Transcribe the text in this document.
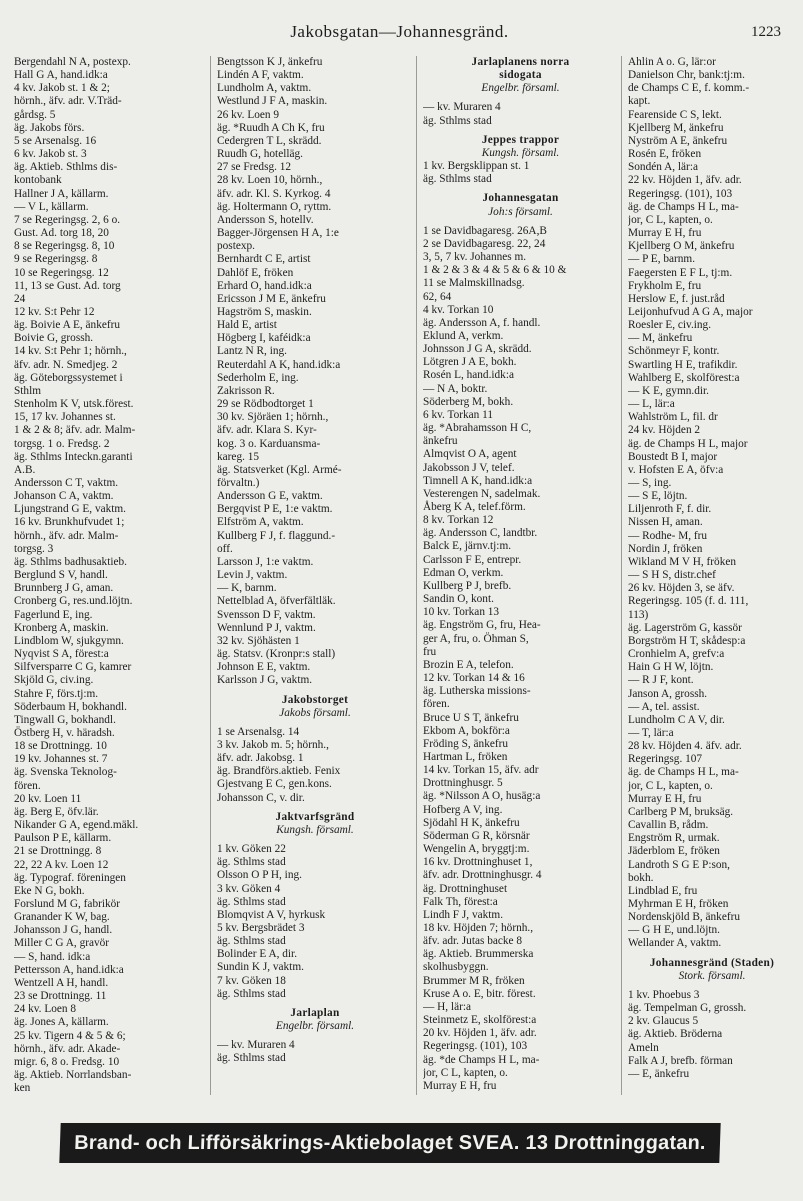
Jakobsgatan—Johannesgränd.	1223
Bergendahl N A, postexp.
Hall G A, hand.idk:a
4 kv. Jakob st. 1 & 2;
hörnh., äfv. adr. V.Träd-
gårdsg. 5
äg. Jakobs förs.
5 se Arsenalsg. 16
6 kv. Jakob st. 3
äg. Aktieb. Sthlms dis-
kontobank
Hallner J A, källarm.
— V L, källarm.
7 se Regeringsg. 2, 6 o.
Gust. Ad. torg 18, 20
8 se Regeringsg. 8, 10
9 se Regeringsg. 8
10 se Regeringsg. 12
11, 13 se Gust. Ad. torg
24
12 kv. S:t Pehr 12
äg. Boivie A E, änkefru
Boivie G, grossh.
14 kv. S:t Pehr 1; hörnh.,
äfv. adr. N. Smedjeg. 2
äg. Göteborgssystemet i
Sthlm
Stenholm K V, utsk.förest.
15, 17 kv. Johannes st.
1 & 2 & 8; äfv. adr. Malm-
torgsg. 1 o. Fredsg. 2
äg. Sthlms Inteckn.garanti
A.B.
Andersson C T, vaktm.
Johanson C A, vaktm.
Ljungstrand G E, vaktm.
16 kv. Brunkhufvudet 1;
hörnh., äfv. adr. Malm-
torgsg. 3
äg. Sthlms badhusaktieb.
Berglund S V, handl.
Brunnberg J G, aman.
Cronberg G, res.und.löjtn.
Fagerlund E, ing.
Kronberg A, maskin.
Lindblom W, sjukgymn.
Nyqvist S A, förest:a
Silfversparre C G, kamrer
Skjöld G, civ.ing.
Stahre F, förs.tj:m.
Söderbaum H, bokhandl.
Tingwall G, bokhandl.
Östberg H, v. häradsh.
18 se Drottningg. 10
19 kv. Johannes st. 7
äg. Svenska Teknolog-
fören.
20 kv. Loen 11
äg. Berg E, öfv.lär.
Nikander G A, egend.mäkl.
Paulson P E, källarm.
21 se Drottningg. 8
22, 22 A kv. Loen 12
äg. Typograf. föreningen
Eke N G, bokh.
Forslund M G, fabrikör
Granander K W, bag.
Johansson J G, handl.
Miller C G A, gravör
— S, hand. idk:a
Pettersson A, hand.idk:a
Wentzell A H, handl.
23 se Drottningg. 11
24 kv. Loen 8
äg. Jones A, källarm.
25 kv. Tigern 4 & 5 & 6;
hörnh., äfv. adr. Akade-
migr. 6, 8 o. Fredsg. 10
äg. Aktieb. Norrlandsban-
ken
Bengtsson K J, änkefru
Lindén A F, vaktm.
Lundholm A, vaktm.
Westlund J F A, maskin.
26 kv. Loen 9
äg. *Ruudh A Ch K, fru
Cedergren T L, skrädd.
Ruudh G, hotelläg.
27 se Fredsg. 12
28 kv. Loen 10, hörnh.,
äfv. adr. Kl. S. Kyrkog. 4
äg. Holtermann O, ryttm.
Andersson S, hotellv.
Bagger-Jörgensen H A, 1:e
postexp.
Bernhardt C E, artist
Dahlöf E, fröken
Erhard O, hand.idk:a
Ericsson J M E, änkefru
Hagström S, maskin.
Hald E, artist
Högberg I, kaféidk:a
Lantz N R, ing.
Reuterdahl A K, hand.idk:a
Sederholm E, ing.
Zakrisson R.
29 se Rödbodtorget 1
30 kv. Sjöräen 1; hörnh.,
äfv. adr. Klara S. Kyr-
kog. 3 o. Karduansma-
kareg. 15
äg. Statsverket (Kgl. Armé-
förvaltn.)
Andersson G E, vaktm.
Bergqvist P E, 1:e vaktm.
Elfström A, vaktm.
Kullberg F J, f. flaggund.-
off.
Larsson J, 1:e vaktm.
Levin J, vaktm.
— K, barnm.
Nettelblad A, öfverfältläk.
Svensson D F, vaktm.
Wennlund P J, vaktm.
32 kv. Sjöhästen 1
äg. Statsv. (Kronpr:s stall)
Johnson E E, vaktm.
Karlsson J G, vaktm.

Jakobstorget
Jakobs församl.

1 se Arsenalsg. 14
3 kv. Jakob m. 5; hörnh.,
äfv. adr. Jakobsg. 1
äg. Brandförs.aktieb. Fenix
Gjestvang E C, gen.kons.
Johansson C, v. dir.

Jaktvarfsgränd
Kungsh. församl.

1 kv. Göken 22
äg. Sthlms stad
Olsson O P H, ing.
3 kv. Göken 4
äg. Sthlms stad
Blomqvist A V, hyrkusk
5 kv. Bergsbrädet 3
äg. Sthlms stad
Bolinder E A, dir.
Sundin K J, vaktm.
7 kv. Göken 18
äg. Sthlms stad

Jarlaplan
Engelbr. församl.

— kv. Muraren 4
äg. Sthlms stad
Jarlaplanens norra
sidogata
Engelbr. församl.

— kv. Muraren 4
äg. Sthlms stad

Jeppes trappor
Kungsh. församl.
1 kv. Bergsklippan st. 1
äg. Sthlms stad

Johannesgatan
Joh:s församl.

1 se Davidbagaresg. 26A,B
2 se Davidbagaresg. 22, 24
3, 5, 7 kv. Johannes m.
1 & 2 & 3 & 4 & 5 & 6 & 10 &
11 se Malmskillnadsg.
62, 64
4 kv. Torkan 10
äg. Andersson A, f. handl.
Eklund A, verkm.
Johnsson J G A, skrädd.
Lötgren J A E, bokh.
Rosén L, hand.idk:a
— N A, boktr.
Söderberg M, bokh.
6 kv. Torkan 11
äg. *Abrahamsson H C,
änkefru
Almqvist O A, agent
Jakobsson J V, telef.
Timnell A K, hand.idk:a
Vesterengen N, sadelmak.
Åberg K A, telef.förm.
8 kv. Torkan 12
äg. Andersson C, landtbr.
Balck E, järnv.tj:m.
Carlsson F E, entrepr.
Edman O, verkm.
Kullberg P J, brefb.
Sandin O, kont.
10 kv. Torkan 13
äg. Engström G, fru, Hea-
ger A, fru, o. Öhman S,
fru
Brozin E A, telefon.
12 kv. Torkan 14 & 16
äg. Lutherska missions-
fören.
Bruce U S T, änkefru
Ekbom A, bokför:a
Fröding S, änkefru
Hartman L, fröken
14 kv. Torkan 15, äfv. adr
Drottninghusgr. 5
äg. *Nilsson A O, husäg:a
Hofberg A V, ing.
Sjödahl H K, änkefru
Söderman G R, körsnär
Wengelin A, bryggtj:m.
16 kv. Drottninghuset 1,
äfv. adr. Drottninghusgr. 4
äg. Drottninghuset
Falk Th, förest:a
Lindh F J, vaktm.
18 kv. Höjden 7; hörnh.,
äfv. adr. Jutas backe 8
äg. Aktieb. Brummerska
skolhusbyggn.
Brummer M R, fröken
Kruse A o. E, bitr. förest.
— H, lär:a
Steinmetz E, skolförest:a
20 kv. Höjden 1, äfv. adr.
Regeringsg. (101), 103
äg. *de Champs H L, ma-
jor, C L, kapten, o.
Murray E H, fru
Ahlin A o. G, lär:or
Danielson Chr, bank:tj:m.
de Champs C E, f. komm.-
kapt.
Fearenside C S, lekt.
Kjellberg M, änkefru
Nyström A E, änkefru
Rosén E, fröken
Sondén A, lär:a
22 kv. Höjden 1, äfv. adr.
Regeringsg. (101), 103
äg. de Champs H L, ma-
jor, C L, kapten, o.
Murray E H, fru
Kjellberg O M, änkefru
— P E, barnm.
Faegersten E F L, tj:m.
Frykholm E, fru
Herslow E, f. just.råd
Leijonhufvud A G A, major
Roesler E, civ.ing.
— M, änkefru
Schönmeyr F, kontr.
Swartling H E, trafikdir.
Wahlberg E, skolförest:a
— K E, gymn.dir.
— L, lär:a
Wahlström L, fil. dr
24 kv. Höjden 2
äg. de Champs H L, major
Boustedt B I, major
v. Hofsten E A, öfv:a
— S, ing.
— S E, löjtn.
Liljenroth F, f. dir.
Nissen H, aman.
— Rodhe- M, fru
Nordin J, fröken
Wikland M V H, fröken
— S H S, distr.chef
26 kv. Höjden 3, se äfv.
Regeringsg. 105 (f. d. 111,
113)
äg. Lagerström G, kassör
Borgström H T, skådesp:a
Cronhielm A, grefv:a
Hain G H W, löjtn.
— R J F, kont.
Janson A, grossh.
— A, tel. assist.
Lundholm C A V, dir.
— T, lär:a
28 kv. Höjden 4. äfv. adr.
Regeringsg. 107
äg. de Champs H L, ma-
jor, C L, kapten, o.
Murray E H, fru
Carlberg P M, bruksäg.
Cavallin B, rådm.
Engström R, urmak.
Jäderblom E, fröken
Landroth S G E P:son,
bokh.
Lindblad E, fru
Myhrman E H, fröken
Nordenskjöld B, änkefru
— G H E, und.löjtn.
Wellander A, vaktm.

Johannesgränd (Staden)
Stork. församl.

1 kv. Phoebus 3
äg. Tempelman G, grossh.
2 kv. Glaucus 5
äg. Aktieb. Bröderna
Ameln
Falk A J, brefb. förman
— E, änkefru
Brand- och Lifförsäkrings-Aktiebolaget SVEA. 13 Drottninggatan.
